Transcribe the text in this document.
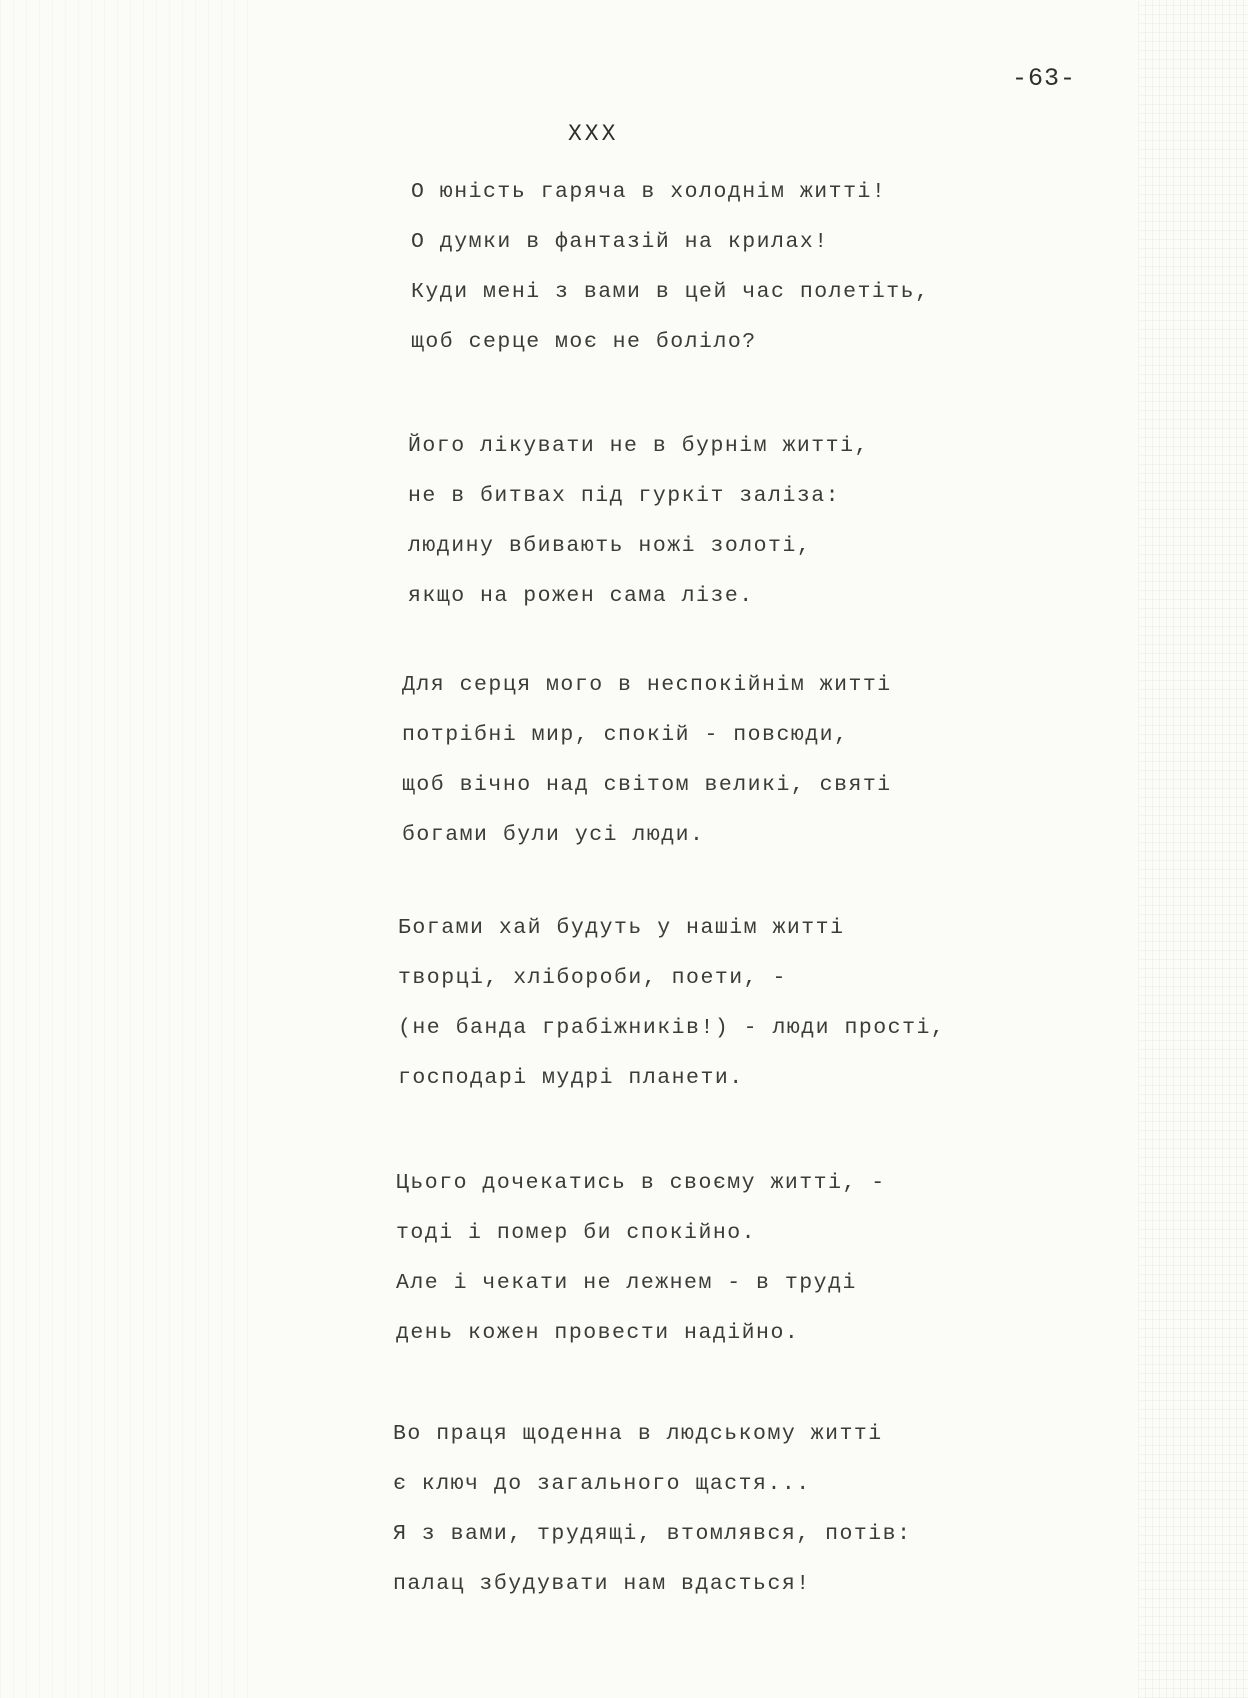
-63-
XXX
О юність гаряча в холоднім житті!
О думки в фантазій на крилах!
Куди мені з вами в цей час полетіть,
щоб серце моє не боліло?
Його лікувати не в бурнім житті,
не в битвах під гуркіт заліза:
людину вбивають ножі золоті,
якщо на рожен сама лізе.
Для серця мого в неспокійнім житті
потрібні мир, спокій - повсюди,
щоб вічно над світом великі, святі
богами були усі люди.
Богами хай будуть у нашім житті
творці, хлібороби, поети, -
(не банда грабіжників!) - люди прості,
господарі мудрі планети.
Цього дочекатись в своєму житті, -
тоді і помер би спокійно.
Але і чекати не лежнем - в труді
день кожен провести надійно.
Во праця щоденна в людському житті
є ключ до загального щастя...
Я з вами, трудящі, втомлявся, потів:
палац збудувати нам вдасться!
